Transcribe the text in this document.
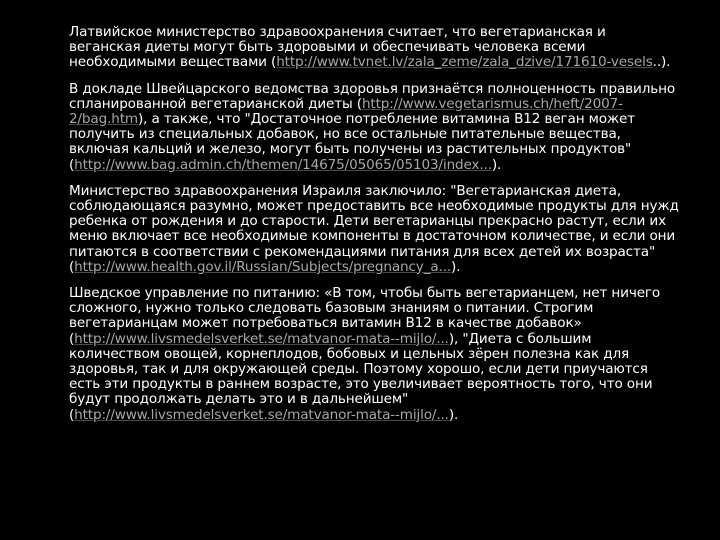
Латвийское министерство здравоохранения считает, что вегетарианская и веганская диеты могут быть здоровыми и обеспечивать человека всеми необходимыми веществами (http://www.tvnet.lv/zala_zeme/zala_dzive/171610-vesels..).

В докладе Швейцарского ведомства здоровья признаётся полноценность правильно спланированной вегетарианской диеты (http://www.vegetarismus.ch/heft/2007-2/bag.htm), а также, что "Достаточное потребление витамина B12 веган может получить из специальных добавок, но все остальные питательные вещества, включая кальций и железо, могут быть получены из растительных продуктов" (http://www.bag.admin.ch/themen/14675/05065/05103/index...).

Министерство здравоохранения Израиля заключило: "Вегетарианская диета, соблюдающаяся разумно, может предоставить все необходимые продукты для нужд ребенка от рождения и до старости. Дети вегетарианцы прекрасно растут, если их меню включает все необходимые компоненты в достаточном количестве, и если они питаются в соответствии с рекомендациями питания для всех детей их возраста" (http://www.health.gov.il/Russian/Subjects/pregnancy_a...).

Шведское управление по питанию: «В том, чтобы быть вегетарианцем, нет ничего сложного, нужно только следовать базовым знаниям о питании. Строгим вегетарианцам может потребоваться витамин B12 в качестве добавок» (http://www.livsmedelsverket.se/matvanor-mata--mijlo/...), "Диета с большим количеством овощей, корнеплодов, бобовых и цельных зёрен полезна как для здоровья, так и для окружающей среды. Поэтому хорошо, если дети приучаются есть эти продукты в раннем возрасте, это увеличивает вероятность того, что они будут продолжать делать это и в дальнейшем" (http://www.livsmedelsverket.se/matvanor-mata--mijlo/...).
